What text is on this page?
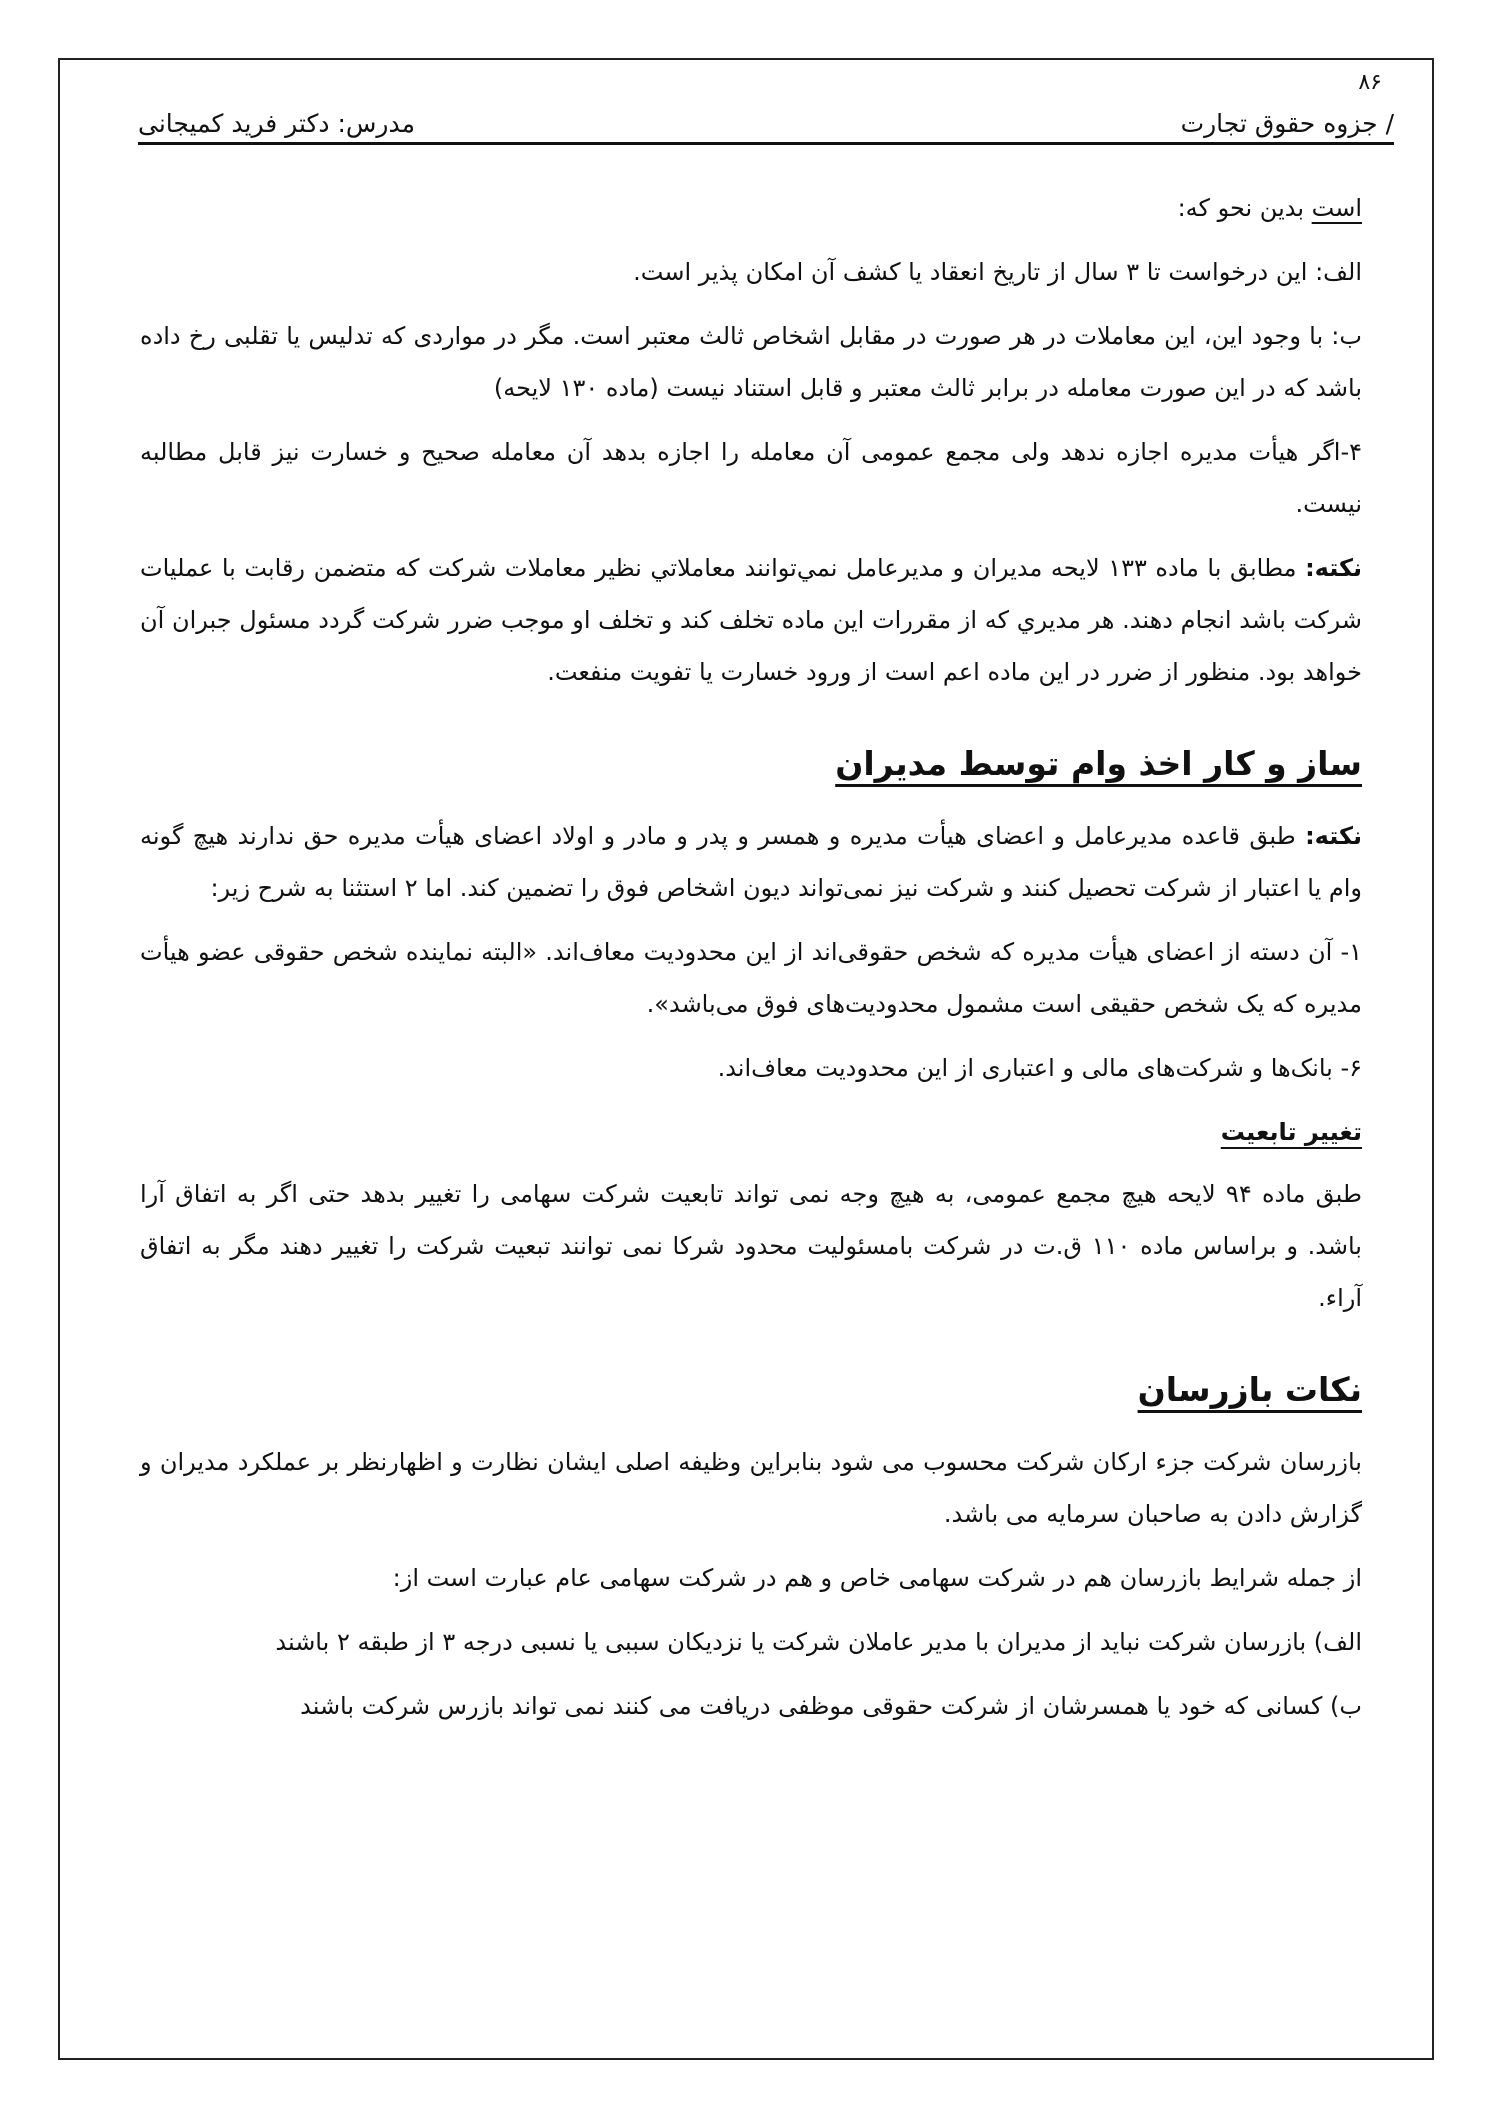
۸۶
/ جزوه حقوق تجارت
مدرس: دکتر فرید کمیجانی

است بدین نحو که:

الف: این درخواست تا ۳ سال از تاریخ انعقاد یا کشف آن امکان پذیر است.

ب: با وجود این، این معاملات در هر صورت در مقابل اشخاص ثالث معتبر است. مگر در مواردی که تدلیس یا تقلبی رخ داده باشد که در این صورت معامله در برابر ثالث معتبر و قابل استناد نیست (ماده ۱۳۰ لایحه)

۴-اگر هیأت مدیره اجازه ندهد ولی مجمع عمومی آن معامله را اجازه بدهد آن معامله صحیح و خسارت نیز قابل مطالبه نیست.

نکته: مطابق با ماده ۱۳۳ لایحه مدیران و مدیرعامل نمي‌توانند معاملاتي نظير معاملات شرکت که متضمن رقابت با عمليات شرکت باشد انجام دهند. هر مديري که از مقررات این ماده تخلف کند و تخلف او موجب ضرر شرکت گردد مسئول جبران آن خواهد بود. منظور از ضرر در این ماده اعم است از ورود خسارت یا تفویت منفعت.

ساز و کار اخذ وام توسط مدیران

نکته: طبق قاعده مدیرعامل و اعضای هیأت مدیره و همسر و پدر و مادر و اولاد اعضای هیأت مدیره حق ندارند هیچ گونه وام یا اعتبار از شرکت تحصیل کنند و شرکت نیز نمی‌تواند دیون اشخاص فوق را تضمین کند. اما ۲ استثنا به شرح زیر:

۱- آن دسته از اعضای هیأت مدیره که شخص حقوقی‌اند از این محدودیت معاف‌اند. «البته نماینده شخص حقوقی عضو هیأت مدیره که یک شخص حقیقی است مشمول محدودیت‌های فوق می‌باشد».

۶- بانک‌ها و شرکت‌های مالی و اعتباری از این محدودیت معاف‌اند.

تغییر تابعیت

طبق ماده ۹۴ لایحه هیچ مجمع عمومی، به هیچ وجه نمی تواند تابعیت شرکت سهامی را تغییر بدهد حتی اگر به اتفاق آرا باشد. و براساس ماده ۱۱۰ ق.ت در شرکت بامسئولیت محدود شرکا نمی توانند تبعیت شرکت را تغییر دهند مگر به اتفاق آراء.

نکات بازرسان

بازرسان شرکت جزء ارکان شرکت محسوب می شود بنابراین وظیفه اصلی ایشان نظارت و اظهارنظر بر عملکرد مدیران و گزارش دادن به صاحبان سرمایه می باشد.

از جمله شرایط بازرسان هم در شرکت سهامی خاص و هم در شرکت سهامی عام عبارت است از:

الف) بازرسان شرکت نباید از مدیران با مدیر عاملان شرکت یا نزدیکان سببی یا نسبی درجه ۳ از طبقه ۲ باشند

ب) کسانی که خود یا همسرشان از شرکت حقوقی موظفی دریافت می کنند نمی تواند بازرس شرکت باشند
